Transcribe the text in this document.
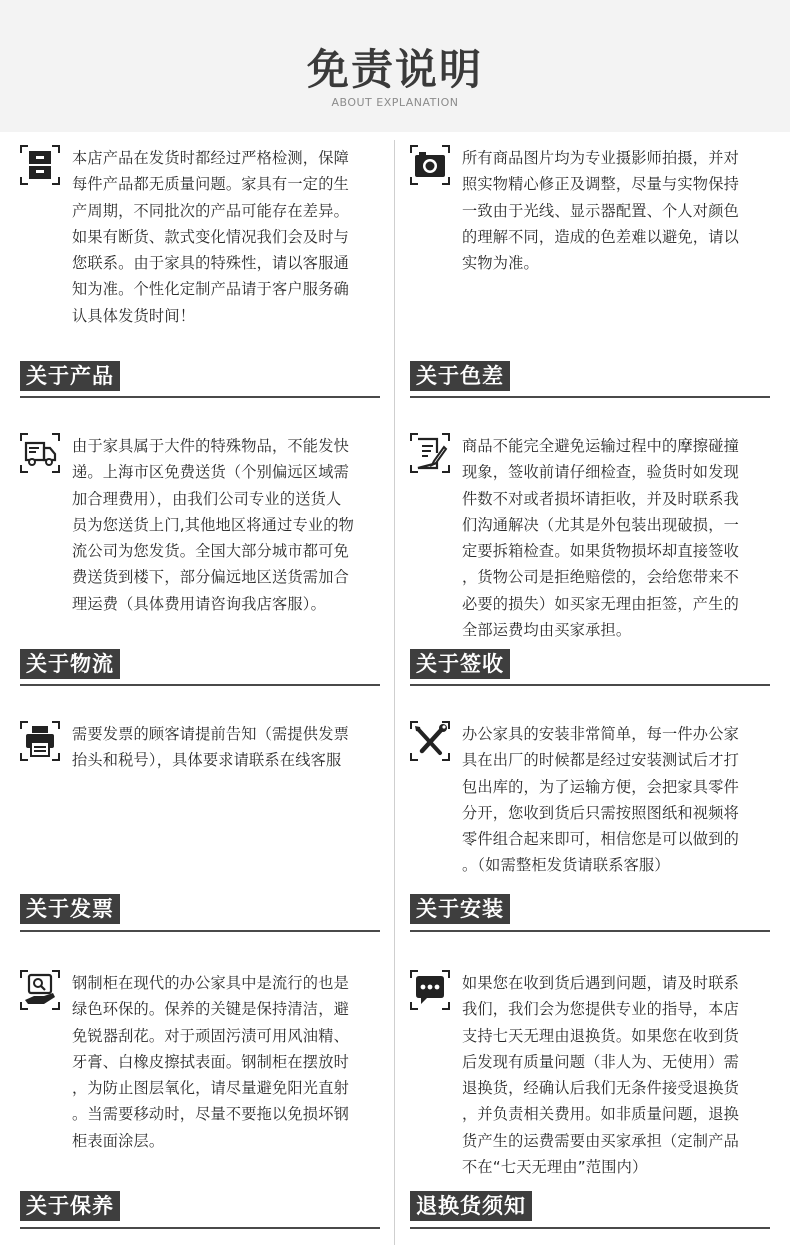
免责说明
ABOUT EXPLANATION
本店产品在发货时都经过严格检测，保障
每件产品都无质量问题。家具有一定的生
产周期，不同批次的产品可能存在差异。
如果有断货、款式变化情况我们会及时与
您联系。由于家具的特殊性，请以客服通
知为准。个性化定制产品请于客户服务确
认具体发货时间！
关于产品
所有商品图片均为专业摄影师拍摄，并对
照实物精心修正及调整，尽量与实物保持
一致由于光线、显示器配置、个人对颜色
的理解不同，造成的色差难以避免，请以
实物为准。
关于色差
由于家具属于大件的特殊物品，不能发快
递。上海市区免费送货（个别偏远区域需
加合理费用），由我们公司专业的送货人
员为您送货上门,其他地区将通过专业的物
流公司为您发货。全国大部分城市都可免
费送货到楼下，部分偏远地区送货需加合
理运费（具体费用请咨询我店客服）。
关于物流
商品不能完全避免运输过程中的摩擦碰撞
现象，签收前请仔细检查，验货时如发现
件数不对或者损坏请拒收，并及时联系我
们沟通解决（尤其是外包装出现破损，一
定要拆箱检查。如果货物损坏却直接签收
，货物公司是拒绝赔偿的，会给您带来不
必要的损失）如买家无理由拒签，产生的
全部运费均由买家承担。
关于签收
需要发票的顾客请提前告知（需提供发票
抬头和税号），具体要求请联系在线客服
关于发票
办公家具的安装非常简单，每一件办公家
具在出厂的时候都是经过安装测试后才打
包出库的，为了运输方便，会把家具零件
分开，您收到货后只需按照图纸和视频将
零件组合起来即可，相信您是可以做到的
。（如需整柜发货请联系客服）
关于安装
钢制柜在现代的办公家具中是流行的也是
绿色环保的。保养的关键是保持清洁，避
免锐器刮花。对于顽固污渍可用风油精、
牙膏、白橡皮擦拭表面。钢制柜在摆放时
，为防止图层氧化，请尽量避免阳光直射
。当需要移动时，尽量不要拖以免损坏钢
柜表面涂层。
关于保养
如果您在收到货后遇到问题，请及时联系
我们，我们会为您提供专业的指导，本店
支持七天无理由退换货。如果您在收到货
后发现有质量问题（非人为、无使用）需
退换货，经确认后我们无条件接受退换货
，并负责相关费用。如非质量问题，退换
货产生的运费需要由买家承担（定制产品
不在“七天无理由”范围内）
退换货须知
